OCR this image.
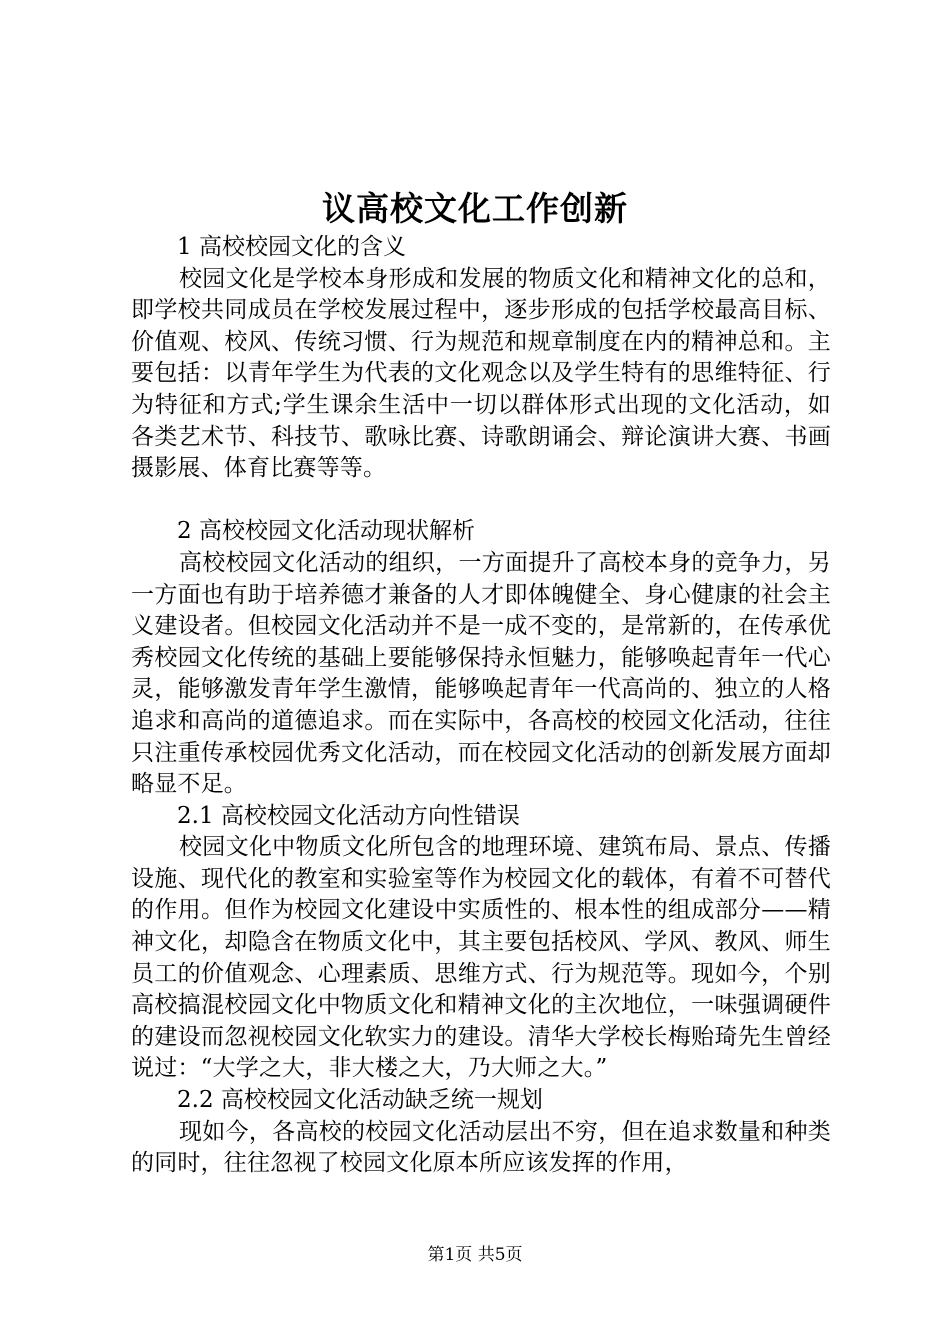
议高校文化工作创新

1 高校校园文化的含义

校园文化是学校本身形成和发展的物质文化和精神文化的总和，即学校共同成员在学校发展过程中，逐步形成的包括学校最高目标、价值观、校风、传统习惯、行为规范和规章制度在内的精神总和。主要包括：以青年学生为代表的文化观念以及学生特有的思维特征、行为特征和方式;学生课余生活中一切以群体形式出现的文化活动，如各类艺术节、科技节、歌咏比赛、诗歌朗诵会、辩论演讲大赛、书画摄影展、体育比赛等等。

2 高校校园文化活动现状解析

高校校园文化活动的组织，一方面提升了高校本身的竞争力，另一方面也有助于培养德才兼备的人才即体魄健全、身心健康的社会主义建设者。但校园文化活动并不是一成不变的，是常新的，在传承优秀校园文化传统的基础上要能够保持永恒魅力，能够唤起青年一代心灵，能够激发青年学生激情，能够唤起青年一代高尚的、独立的人格追求和高尚的道德追求。而在实际中，各高校的校园文化活动，往往只注重传承校园优秀文化活动，而在校园文化活动的创新发展方面却略显不足。

2.1 高校校园文化活动方向性错误

校园文化中物质文化所包含的地理环境、建筑布局、景点、传播设施、现代化的教室和实验室等作为校园文化的载体，有着不可替代的作用。但作为校园文化建设中实质性的、根本性的组成部分——精神文化，却隐含在物质文化中，其主要包括校风、学风、教风、师生员工的价值观念、心理素质、思维方式、行为规范等。现如今，个别高校搞混校园文化中物质文化和精神文化的主次地位，一味强调硬件的建设而忽视校园文化软实力的建设。清华大学校长梅贻琦先生曾经说过：“大学之大，非大楼之大，乃大师之大。”

2.2 高校校园文化活动缺乏统一规划

现如今，各高校的校园文化活动层出不穷，但在追求数量和种类的同时，往往忽视了校园文化原本所应该发挥的作用，

第1页 共5页
